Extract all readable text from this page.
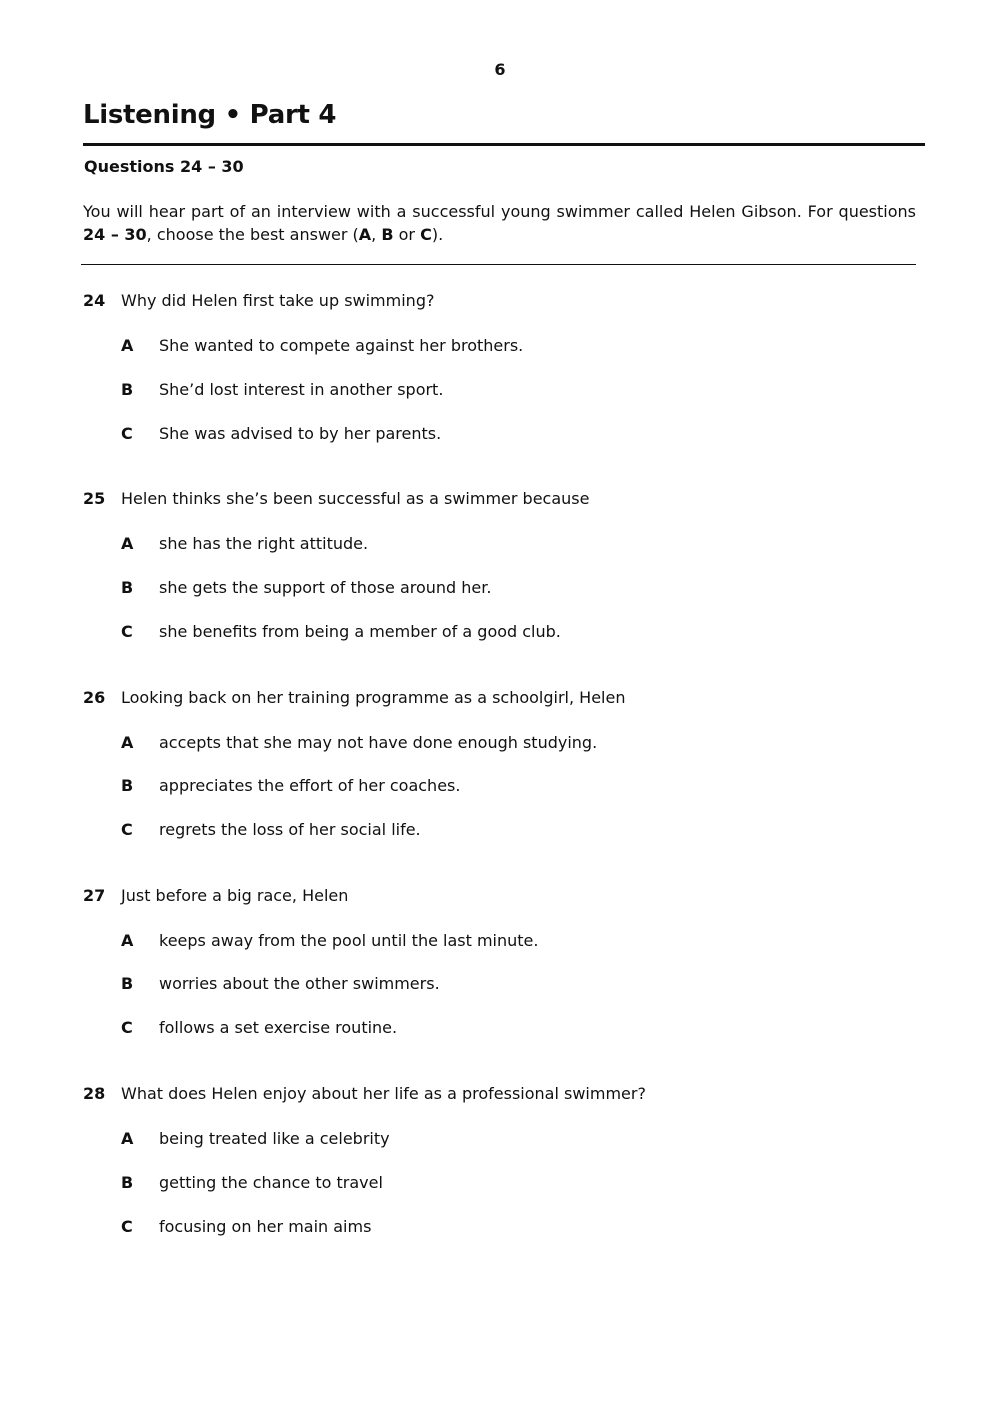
6
Listening • Part 4
Questions 24 – 30
You will hear part of an interview with a successful young swimmer called Helen Gibson. For questions 24 – 30, choose the best answer (A, B or C).
24 Why did Helen first take up swimming?
A She wanted to compete against her brothers.
B She’d lost interest in another sport.
C She was advised to by her parents.
25 Helen thinks she’s been successful as a swimmer because
A she has the right attitude.
B she gets the support of those around her.
C she benefits from being a member of a good club.
26 Looking back on her training programme as a schoolgirl, Helen
A accepts that she may not have done enough studying.
B appreciates the effort of her coaches.
C regrets the loss of her social life.
27 Just before a big race, Helen
A keeps away from the pool until the last minute.
B worries about the other swimmers.
C follows a set exercise routine.
28 What does Helen enjoy about her life as a professional swimmer?
A being treated like a celebrity
B getting the chance to travel
C focusing on her main aims
